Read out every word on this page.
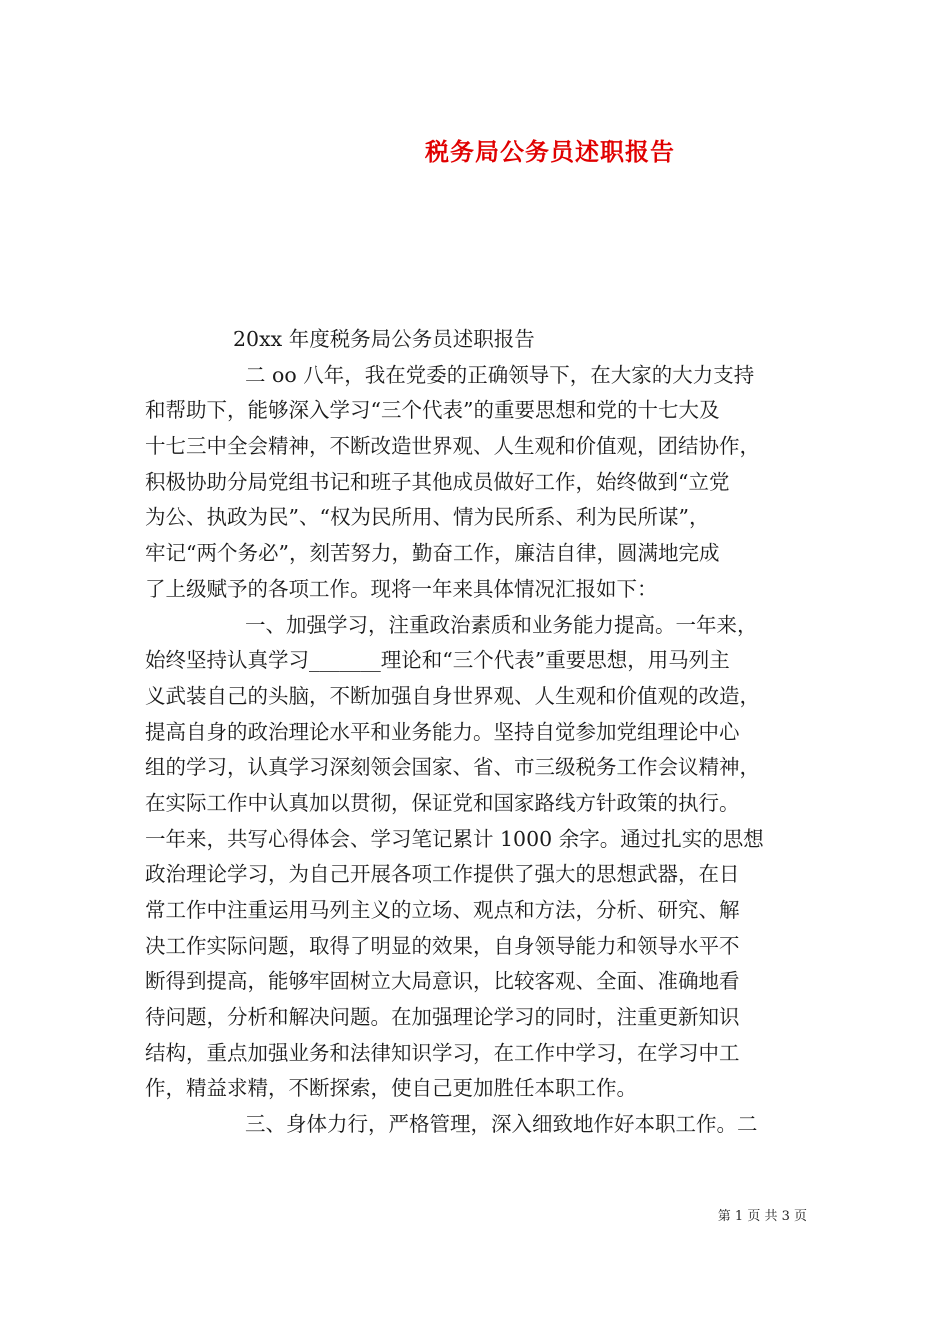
税务局公务员述职报告
20xx 年度税务局公务员述职报告
二 oo 八年，我在党委的正确领导下，在大家的大力支持
和帮助下，能够深入学习“三个代表”的重要思想和党的十七大及
十七三中全会精神，不断改造世界观、人生观和价值观，团结协作，
积极协助分局党组书记和班子其他成员做好工作，始终做到“立党
为公、执政为民”、“权为民所用、情为民所系、利为民所谋”，
牢记“两个务必”，刻苦努力，勤奋工作，廉洁自律，圆满地完成
了上级赋予的各项工作。现将一年来具体情况汇报如下：
一、加强学习，注重政治素质和业务能力提高。一年来，
始终坚持认真学习_______理论和“三个代表”重要思想，用马列主
义武装自己的头脑，不断加强自身世界观、人生观和价值观的改造，
提高自身的政治理论水平和业务能力。坚持自觉参加党组理论中心
组的学习，认真学习深刻领会国家、省、市三级税务工作会议精神，
在实际工作中认真加以贯彻，保证党和国家路线方针政策的执行。
一年来，共写心得体会、学习笔记累计 1000 余字。通过扎实的思想
政治理论学习，为自己开展各项工作提供了强大的思想武器，在日
常工作中注重运用马列主义的立场、观点和方法，分析、研究、解
决工作实际问题，取得了明显的效果，自身领导能力和领导水平不
断得到提高，能够牢固树立大局意识，比较客观、全面、准确地看
待问题，分析和解决问题。在加强理论学习的同时，注重更新知识
结构，重点加强业务和法律知识学习，在工作中学习，在学习中工
作，精益求精，不断探索，使自己更加胜任本职工作。
三、身体力行，严格管理，深入细致地作好本职工作。二
第 1 页 共 3 页
